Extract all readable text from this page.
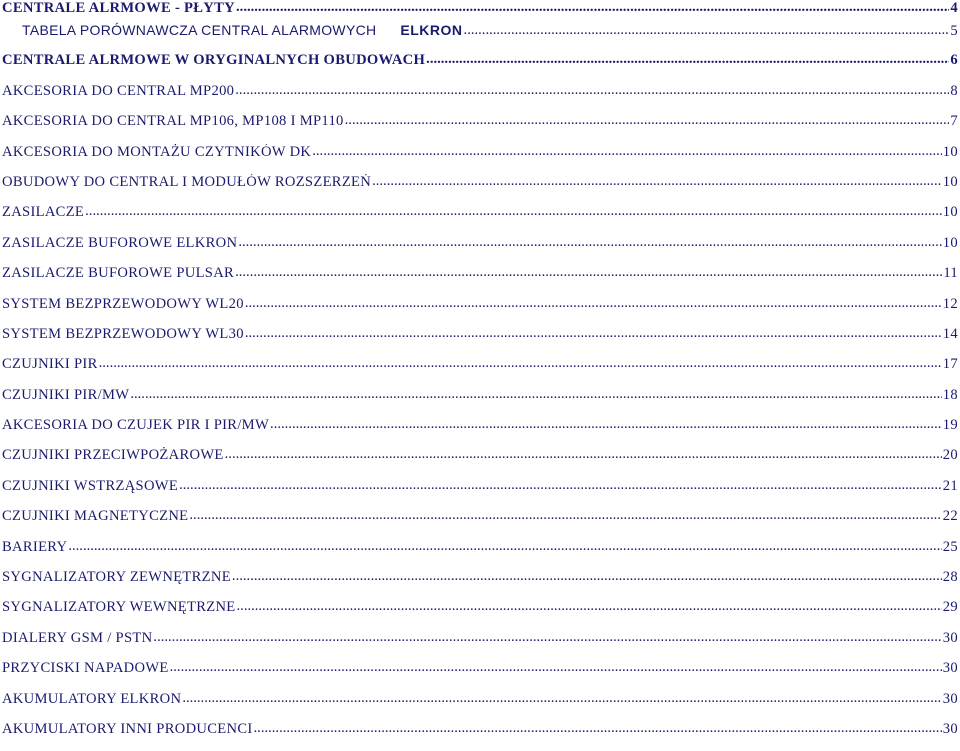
CENTRALE ALRMOWE - PŁYTY .....	4
TABELA PORÓWNAWCZA CENTRAL ALARMOWYCH ELKRON .....	5
CENTRALE ALRMOWE W ORYGINALNYCH OBUDOWACH .....	6
AKCESORIA DO CENTRAL MP200 .....	8
AKCESORIA DO CENTRAL MP106, MP108 I MP110 .....	7
AKCESORIA DO MONTAŻU CZYTNIKÓW DK .....	10
OBUDOWY DO CENTRAL I MODUŁÓW ROZSZERZEŃ .....	10
ZASILACZE .....	10
ZASILACZE BUFOROWE ELKRON .....	10
ZASILACZE BUFOROWE PULSAR .....	11
SYSTEM BEZPRZEWODOWY WL20 .....	12
SYSTEM BEZPRZEWODOWY WL30 .....	14
CZUJNIKI PIR .....	17
CZUJNIKI PIR/MW .....	18
AKCESORIA DO CZUJEK PIR I PIR/MW .....	19
CZUJNIKI PRZECIWPOŻAROWE .....	20
CZUJNIKI WSTRZĄSOWE .....	21
CZUJNIKI MAGNETYCZNE .....	22
BARIERY .....	25
SYGNALIZATORY ZEWNĘTRZNE .....	28
SYGNALIZATORY WEWNĘTRZNE .....	29
DIALERY GSM / PSTN .....	30
PRZYCISKI NAPADOWE .....	30
AKUMULATORY ELKRON .....	30
AKUMULATORY INNI PRODUCENCI .....	30
